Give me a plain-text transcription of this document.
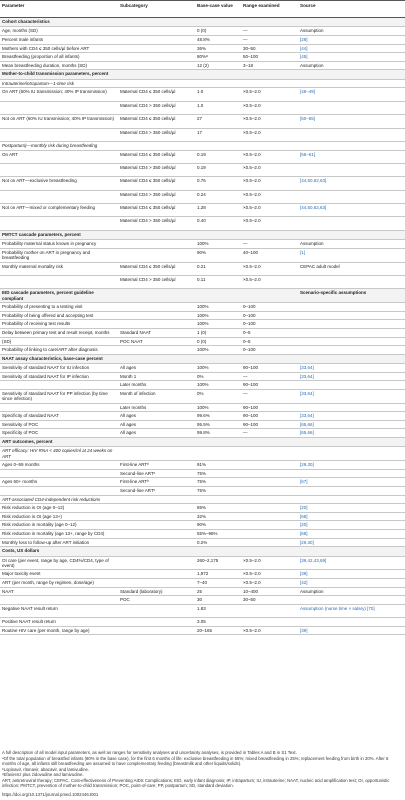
Parameter	Subcategory	Base-case value	Range examined	Source
Cohort characteristics				
Age, months (SD)		0 (0)	—	Assumption
Percent male infants		48.8%	—	[28]
Mothers with CD4 ≤ 350 cells/µl before ART		36%	30–50	[44]
Breastfeeding (proportion of all infants)		80%ᵃ	50–100	[45]
Mean breastfeeding duration, months (SD)		12 (2)	3–18	Assumption
Mother-to-child transmission parameters, percent				
Intrauterine/intrapartum—1-time risk				
On ART (60% IU transmission; 40% IP transmission)	Maternal CD4 ≤ 350 cells/µl	1.0	×0.5–2.0	[46–49]
	Maternal CD4 > 350 cells/µl	1.0	×0.5–2.0	
Not on ART (60% IU transmission; 40% IP transmission)	Maternal CD4 ≤ 350 cells/µl	27	×0.5–2.0	[50–55]
	Maternal CD4 > 350 cells/µl	17	×0.5–2.0	
Postpartum)—monthly risk during breastfeeding				
On ART	Maternal CD4 ≤ 350 cells/µl	0.19	×0.5–2.0	[56–61]
	Maternal CD4 > 350 cells/µl	0.19	×0.5–2.0	
Not on ART—exclusive breastfeeding	Maternal CD4 ≤ 350 cells/µl	0.76	×0.5–2.0	[44,50,62,63]
	Maternal CD4 > 350 cells/µl	0.24	×0.5–2.0	
Not on ART—mixed or complementary feeding	Maternal CD4 ≤ 350 cells/µl	1.28	×0.5–2.0	[44,50,62,63]
	Maternal CD4 > 350 cells/µl	0.40	×0.5–2.0	
PMTCT cascade parameters, percent				
Probability maternal status known in pregnancy		100%	—	Assumption
Probability mother on ART in pregnancy and breastfeeding		90%	40–100	[1]
Monthly maternal mortality risk	Maternal CD4 ≤ 350 cells/µl	0.21	×0.5–2.0	CEPAC adult model
	Maternal CD4 > 350 cells/µl	0.11	×0.5–2.0	
EID cascade parameters, percent guideline compliant				Scenario-specific assumptions
Probability of presenting to a testing visit		100%	0–100	
Probability of being offered and accepting test		100%	0–100	
Probability of receiving test results		100%	0–100	
Delay between primary test and result receipt, months	Standard NAAT	1 (0)	0–5	
(SD)	POC NAAT	0 (0)	0–5	
Probability of linking to care/ART after diagnosis		100%	0–100	
NAAT assay characteristics, base-case percent				
Sensitivity of standard NAAT for IU infection	All ages	100%	90–100	[33,64]
Sensitivity of standard NAAT for IP infection	Month 1	0%	—	[33,64]
	Later months	100%	90–100	
Sensitivity of standard NAAT for PP infection (by time since infection)	Month of infection	0%	—	[33,64]
	Later months	100%	90–100	
Specificity of standard NAAT	All ages	99.6%	90–100	[33,64]
Sensitivity of POC	All ages	95.5%	90–100	[65,66]
Specificity of POC	All ages	99.8%	—	[65,66]
ART outcomes, percent				
ART efficacy: HIV RNA < 400 copies/ml at 24 weeks on ART				
Ages 0–59 months	First-line ARTᵇ	91%		[29,30]
	Second-line ARTᶜ	75%		
Ages 60+ months	First-line ARTᵇ	75%		[67]
	Second-line ARTᶜ	75%		
ART-associated CD4-independent risk reductions				
Risk reduction in OI (age 0–12)		85%		[20]
Risk reduction in OI (age 13+)		32%		[68]
Risk reduction in mortality (age 0–12)		90%		[20]
Risk reduction in mortality (age 13+, range by CD4)		55%–96%		[68]
Monthly loss to follow-up after ART initiation		0.2%		[29,30]
Costs, US dollars				
OI care (per event, range by age, CD4%/CD4, type of event)		260–2,175	×0.5–2.0	[39,42,43,69]
Major toxicity event		1,972	×0.5–2.0	[39]
ART (per month, range by regimen, dose/age)		7–40	×0.5–2.0	[42]
NAAT	Standard (laboratory)	25	10–400	Assumption
	POC	30	30–50	
Negative NAAT result return		1.83		Assumption (nurse time × salary) [70]
Positive NAAT result return		3.05		
Routine HIV care (per month, range by age)		20–165	×0.5–2.0	[39]

A full description of all model input parameters, as well as ranges for sensitivity analyses and uncertainty analyses, is provided in Tables A and B in S1 Text.

ᵃOf the total population of breastfed infants (80% in the base case), for the first 6 months of life: exclusive breastfeeding in 55%; mixed breastfeeding in 25%; replacement feeding from birth in 20%. After 6 months of age, all infants still breastfeeding are assumed to have complementary feeding (breastmilk and other liquids/solids).

ᵇLopinavir, ritonavir, abacavir, and lamivudine.

ᶜEfavirenz plus zidovudine and lamivudine.

ART, antiretroviral therapy; CEPAC, Cost-effectiveness of Preventing AIDS Complications; EID, early infant diagnosis; IP, intrapartum; IU, intrauterine; NAAT, nucleic acid amplification test; OI, opportunistic infection; PMTCT, prevention of mother-to-child transmission; POC, point-of-care; PP, postpartum; SD, standard deviation.

https://doi.org/10.1371/journal.pmed.1002446.t001
